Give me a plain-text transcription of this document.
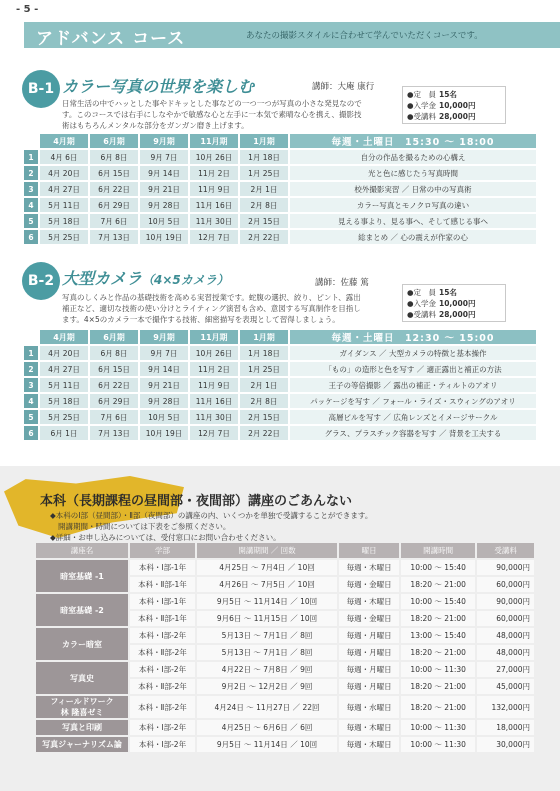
- 5 -
アドバンス コース	あなたの撮影スタイルに合わせて学んでいただくコースです。
B-1 カラー写真の世界を楽しむ	講師：大庵 康行
日常生活の中でハッとした事やドキッとした事などの一つ一つが写真の小さな発見なのです。このコースでは右手にしなやかで敏感な心と左手に一本気で素晴な心を携え、撮影技術はもちろんメンタルな部分をガンガン磨き上げます。
●定　員 15名
●入学金 10,000円
●受講料 28,000円
	4月期	6月期	9月期	11月期	1月期	毎週・土曜日　15:30 ～ 18:00
1	4月 6日	6月 8日	9月 7日	10月 26日	1月 18日	自分の作品を撮るための心構え
2	4月 20日	6月 15日	9月 14日	11月 2日	1月 25日	光と色に感じたう写真時間
3	4月 27日	6月 22日	9月 21日	11月 9日	2月 1日	校外撮影実習 ／ 日常の中の写真術
4	5月 11日	6月 29日	9月 28日	11月 16日	2月 8日	カラー写真とモノクロ写真の違い
5	5月 18日	7月 6日	10月 5日	11月 30日	2月 15日	見える事より、見る事へ、そして感じる事へ
6	5月 25日	7月 13日	10月 19日	12月 7日	2月 22日	総まとめ ／ 心の震えが作家の心
B-2 大型カメラ（4×5カメラ）	講師：佐藤 篤
写真のしくみと作品の基礎技術を高める実習授業です。蛇腹の選択、絞り、ピント、露出補正など、適切な技術の使い分けとライティング演習も含め、意図する写真制作を目指します。4×5のカメラ一本で撮作する技術、細密描写を表現として習得しましょう。
●定　員 15名
●入学金 10,000円
●受講料 28,000円
	4月期	6月期	9月期	11月期	1月期	毎週・土曜日　12:30 ～ 15:00
1	4月 20日	6月 8日	9月 7日	10月 26日	1月 18日	ガイダンス ／ 大型カメラの特徴と基本操作
2	4月 27日	6月 15日	9月 14日	11月 2日	1月 25日	「もの」の造形と色を写す ／ 適正露出と補正の方法
3	5月 11日	6月 22日	9月 21日	11月 9日	2月 1日	王子の等倍撮影 ／ 露出の補正・ティルトのアオリ
4	5月 18日	6月 29日	9月 28日	11月 16日	2月 8日	パッケージを写す ／ フォール・ライズ・スウィングのアオリ
5	5月 25日	7月 6日	10月 5日	11月 30日	2月 15日	高層ビルを写す ／ 広角レンズとイメージサークル
6	6月 1日	7月 13日	10月 19日	12月 7日	2月 22日	グラス、プラスチック容器を写す ／ 背景を工夫する
本科（長期課程の昼間部・夜間部）講座のごあんない
◆本科のⅠ部（昼間部）・Ⅱ部（夜間部）の講座の内、いくつかを単独で受講することができます。
開講期間・時間については下表をご参照ください。
◆詳細・お申し込みについては、受付窓口にお問い合わせください。
講座名	学部	開講期間 ／ 回数	曜日	開講時間	受講料
暗室基礎 -1	本科・Ⅰ部-1年	4月25日 ～ 7月4日 ／ 10回	毎週・木曜日	10:00 ～ 15:40	90,000円
	本科・Ⅱ部-1年	4月26日 ～ 7月5日 ／ 10回	毎週・金曜日	18:20 ～ 21:00	60,000円
暗室基礎 -2	本科・Ⅰ部-1年	9月5日 ～ 11月14日 ／ 10回	毎週・木曜日	10:00 ～ 15:40	90,000円
	本科・Ⅱ部-1年	9月6日 ～ 11月15日 ／ 10回	毎週・金曜日	18:20 ～ 21:00	60,000円
カラー暗室	本科・Ⅰ部-2年	5月13日 ～ 7月1日 ／ 8回	毎週・月曜日	13:00 ～ 15:40	48,000円
	本科・Ⅱ部-2年	5月13日 ～ 7月1日 ／ 8回	毎週・月曜日	18:20 ～ 21:00	48,000円
写真史	本科・Ⅰ部-2年	4月22日 ～ 7月8日 ／ 9回	毎週・月曜日	10:00 ～ 11:30	27,000円
	本科・Ⅱ部-2年	9月2日 ～ 12月2日 ／ 9回	毎週・月曜日	18:20 ～ 21:00	45,000円
フィールドワーク
林 隆喜ゼミ	本科・Ⅱ部-2年	4月24日 ～ 11月27日 ／ 22回	毎週・水曜日	18:20 ～ 21:00	132,000円
写真と印刷	本科・Ⅰ部-2年	4月25日 ～ 6月6日 ／ 6回	毎週・木曜日	10:00 ～ 11:30	18,000円
写真ジャーナリズム論	本科・Ⅰ部-2年	9月5日 ～ 11月14日 ／ 10回	毎週・木曜日	10:00 ～ 11:30	30,000円
